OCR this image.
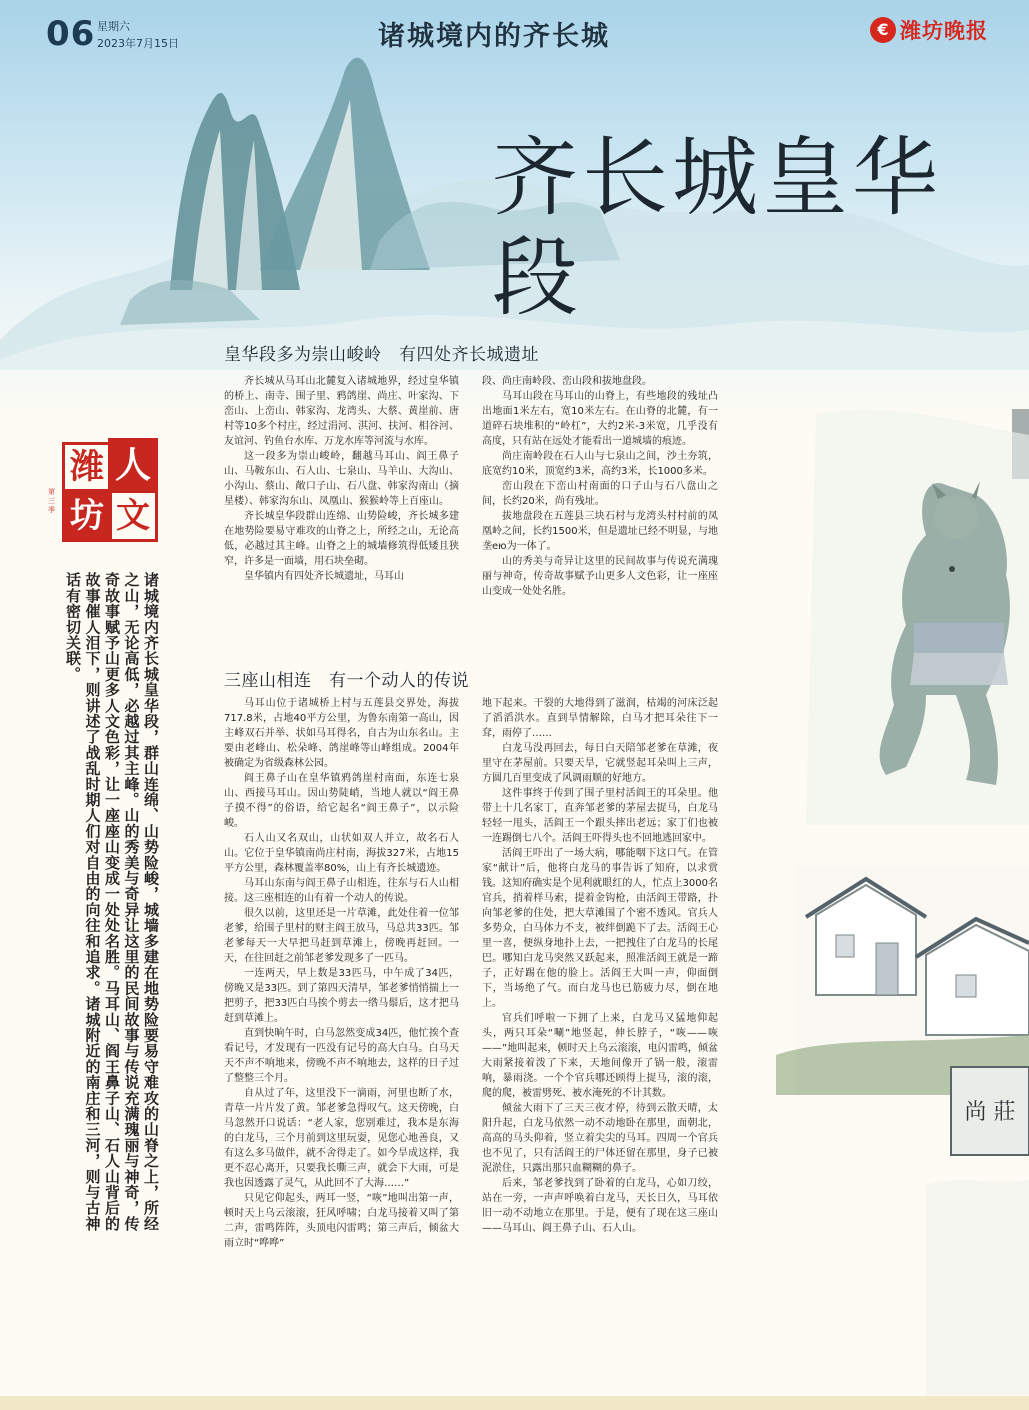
06 星期六
2023年7月15日	诸城境内的齐长城	€ 潍坊晚报
齐长城皇华段
潍 人
坊 文
第三季
诸城境内齐长城皇华段，群山连绵、山势险峻，城墙多建在地势险要易守难攻的山脊之上，所经之山，无论高低，必越过其主峰。山的秀美与奇异让这里的民间故事与传说充满瑰丽与神奇，传奇故事赋予山更多人文色彩，让一座座山变成一处处名胜。马耳山、阎王鼻子山、石人山背后的故事催人泪下，则讲述了战乱时期人们对自由的向往和追求。诸城附近的南庄和三河，则与古神话有密切关联。
皇华段多为崇山峻岭　有四处齐长城遗址

齐长城从马耳山北麓复入诸城地界，经过皇华镇的桥上、南寺、围子里、鸦鸽崖、尚庄、叶家沟、下峦山、上峦山、韩家沟、龙湾头、大蔡、黄崖前、唐村等10多个村庄，经过涓河、淇河、扶河、相谷河、友谊河、钓鱼台水库、万龙水库等河流与水库。

这一段多为崇山峻岭，翻越马耳山、阎王鼻子山、马鞍东山、石人山、七泉山、马羊山、大沟山、小沟山、蔡山、敞口子山、石八盘、韩家沟南山（摘星楼）、韩家沟东山、凤凰山、猴猴岭等上百座山。

齐长城皇华段群山连绵、山势险峻，齐长城多建在地势险要易守难攻的山脊之上，所经之山，无论高低，必越过其主峰。山脊之上的城墙修筑得低矮且狭窄，许多是一面墙，用石块垒砌。

皇华镇内有四处齐长城遗址，马耳山

段、尚庄南岭段、峦山段和拔地盘段。

马耳山段在马耳山的山脊上，有些地段的残址凸出地面1米左右，宽10米左右。在山脊的北麓，有一道碎石块堆积的“岭杠”，大约2米-3米宽，几乎没有高度，只有站在远处才能看出一道城墙的痕迹。

尚庄南岭段在石人山与七泉山之间，沙土夯筑，底宽约10米，顶宽约3米，高约3米，长1000多米。

峦山段在下峦山村南面的口子山与石八盘山之间，长约20米，尚有残址。

拔地盘段在五莲县三块石村与龙湾头村村前的凤凰岭之间，长约1500米，但是遗址已经不明显，与地垄ею为一体了。

山的秀美与奇异让这里的民间故事与传说充满瑰丽与神奇，传奇故事赋予山更多人文色彩，让一座座山变成一处处名胜。

三座山相连　有一个动人的传说

马耳山位于诸城桥上村与五莲县交界处，海拔717.8米，占地40平方公里，为鲁东南第一高山，因主峰双石并举、状如马耳得名，自古为山东名山。主要由老峰山、松朵峰、鸽崖峰等山峰组成。2004年被确定为省级森林公园。

阎王鼻子山在皇华镇鸦鸽崖村南面，东连七泉山、西接马耳山。因山势陡峭，当地人就以“阎王鼻子摸不得”的俗语，给它起名“阎王鼻子”，以示险峻。

石人山又名双山，山状如双人并立，故名石人山。它位于皇华镇南尚庄村南，海拔327米，占地15平方公里，森林覆盖率80%，山上有齐长城遗迹。

马耳山东南与阎王鼻子山相连，往东与石人山相接。这三座相连的山有着一个动人的传说。

很久以前，这里还是一片草滩，此处住着一位邹老爹，给围子里村的财主阎王放马，马总共33匹。邹老爹每天一大早把马赶到草滩上，傍晚再赶回。一天，在往回赶之前邹老爹发现多了一匹马。

一连两天，早上数是33匹马，中午成了34匹，傍晚又是33匹。到了第四天清早，邹老爹悄悄揣上一把剪子，把33匹白马挨个剪去一绺马鬃后，这才把马赶到草滩上。

直到快晌午时，白马忽然变成34匹，他忙挨个查看记号，才发现有一匹没有记号的高大白马。白马天天不声不响地来，傍晚不声不响地去，这样的日子过了整整三个月。

自从过了年，这里没下一滴雨，河里也断了水，青草一片片发了黄。邹老爹急得叹气。这天傍晚，白马忽然开口说话：“老人家，您别难过，我本是东海的白龙马，三个月前到这里玩耍，见您心地善良，又有这么多马做伴，就不舍得走了。如今旱成这样，我更不忍心离开，只要我长嘶三声，就会下大雨，可是我也因透露了灵气，从此回不了大海……”

只见它仰起头，两耳一竖，“咴”地叫出第一声，顿时天上乌云滚滚，狂风呼啸；白龙马接着又叫了第二声，雷鸣阵阵，头顶电闪雷鸣；第三声后，倾盆大雨立时“哗哗”

地下起来。干裂的大地得到了滋润，枯竭的河床泛起了滔滔洪水。直到旱情解除，白马才把耳朵往下一耷，雨停了……

白龙马没再回去，每日白天陪邹老爹在草滩，夜里守在茅屋前。只要天旱，它就竖起耳朵叫上三声，方圆几百里变成了风调雨顺的好地方。

这件事终于传到了围子里村活阎王的耳朵里。他带上十几名家丁，直奔邹老爹的茅屋去捉马，白龙马轻轻一甩头，活阎王一个跟头摔出老远；家丁们也被一连踢倒七八个。活阎王吓得头也不回地逃回家中。

活阎王吓出了一场大病，哪能咽下这口气。在管家“献计”后，他将白龙马的事告诉了知府，以求赏钱。这知府确实是个见利就眼红的人，忙点上3000名官兵，捎着样马索，提着金钩枪，由活阎王带路，扑向邹老爹的住处，把大草滩围了个密不透风。官兵人多势众，白马体力不支，被绊倒跪下了去。活阎王心里一喜，便纵身地扑上去，一把拽住了白龙马的长尾巴。哪知白龙马突然又跃起来，照准活阎王就是一蹄子，正好踢在他的脸上。活阎王大叫一声，仰面倒下，当场绝了气。而白龙马也已筋疲力尽，倒在地上。

官兵们呼啦一下拥了上来，白龙马又猛地仰起头，两只耳朵“唰”地竖起，伸长脖子，“咴——咴——”地叫起来，顿时天上乌云滚滚，电闪雷鸣，倾盆大雨紧接着泼了下来，天地间像开了锅一般，滚雷响，暴雨浇。一个个官兵哪还顾得上捉马，滚的滚，爬的爬，被雷劈死、被水淹死的不计其数。

倾盆大雨下了三天三夜才停，待到云散天晴，太阳升起，白龙马依然一动不动地卧在那里，面朝北，高高的马头仰着，竖立着尖尖的马耳。四周一个官兵也不见了，只有活阎王的尸体还留在那里，身子已被泥淤住，只露出那只血糊糊的鼻子。

后来，邹老爹找到了卧着的白龙马，心如刀绞，站在一旁，一声声呼唤着白龙马，天长日久，马耳依旧一动不动地立在那里。于是，便有了现在这三座山——马耳山、阎王鼻子山、石人山。

尚 莊
